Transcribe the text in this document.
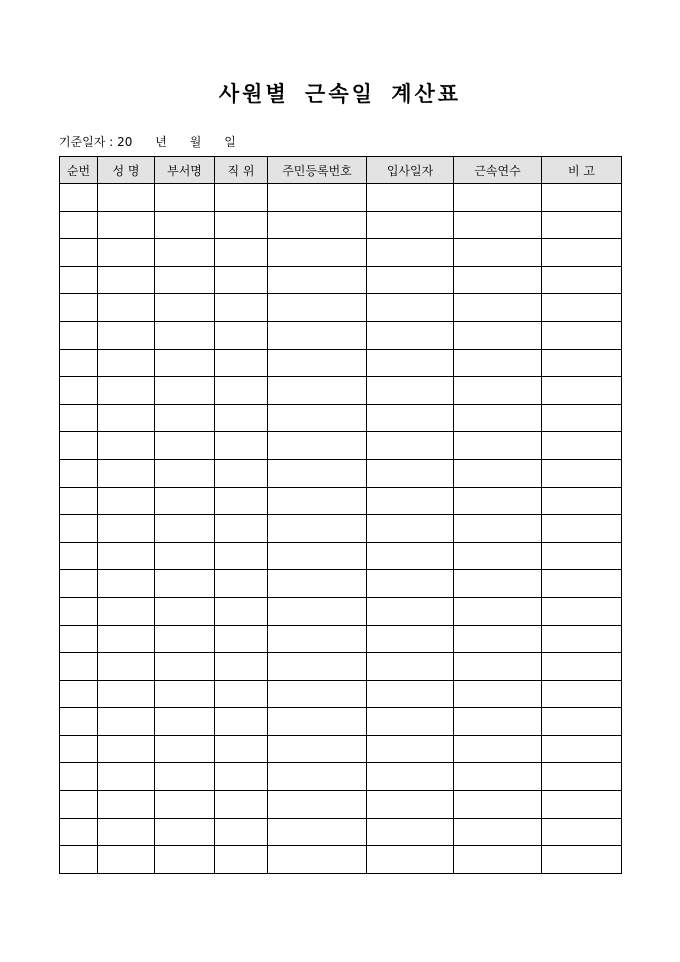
사원별 근속일 계산표
기준일자 : 20 년 월 일
순번	성 명	부서명	직 위	주민등록번호	입사일자	근속연수	비 고
